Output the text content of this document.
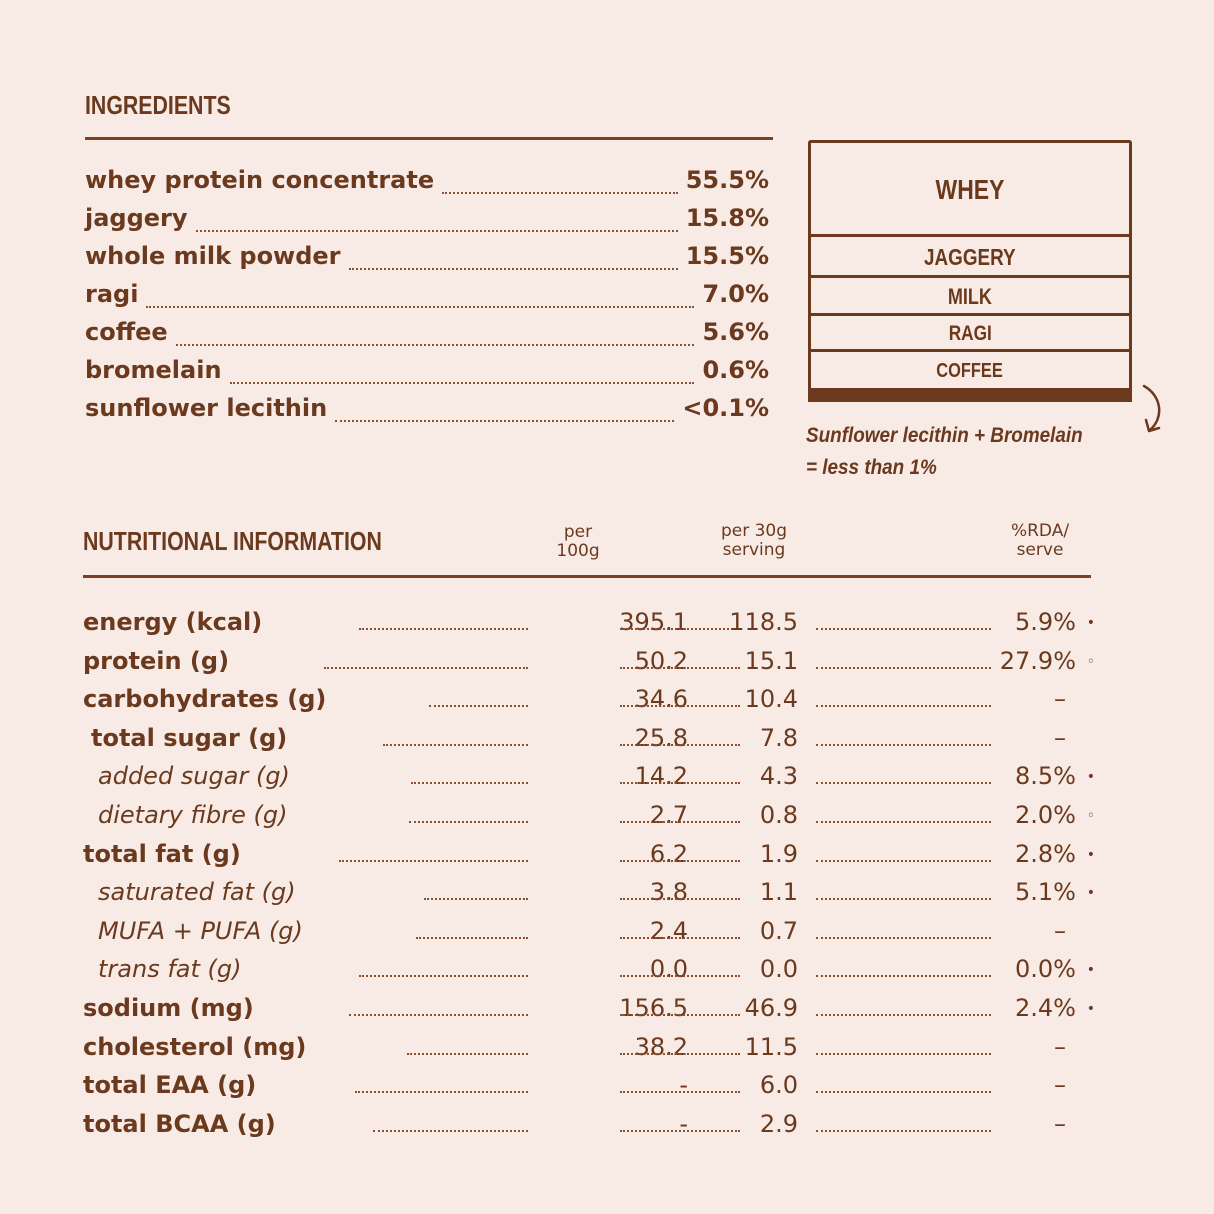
INGREDIENTS
whey protein concentrate	55.5%
jaggery	15.8%
whole milk powder	15.5%
ragi	7.0%
coffee	5.6%
bromelain	0.6%
sunflower lecithin	<0.1%
WHEY
JAGGERY
MILK
RAGI
COFFEE
Sunflower lecithin + Bromelain
= less than 1%
NUTRITIONAL INFORMATION	per
100g
per 30g
serving
%RDA/
serve
energy (kcal)	395.1 118.5	5.9% •
protein (g)	50.2 15.1	27.9% ◦
carbohydrates (g)	34.6 10.4	–
total sugar (g)	25.8	7.8	–
added sugar (g)	14.2	4.3	8.5% •
dietary fibre (g)	2.7	0.8	2.0% ◦
total fat (g)	6.2	1.9	2.8% •
saturated fat (g)	3.8	1.1	5.1% •
MUFA + PUFA (g)	2.4	0.7	–
trans fat (g)	0.0	0.0	0.0% •
sodium (mg)	156.5 46.9	2.4% •
cholesterol (mg)	38.2 11.5	–
total EAA (g)	-	6.0	–
total BCAA (g)	-	2.9	–
